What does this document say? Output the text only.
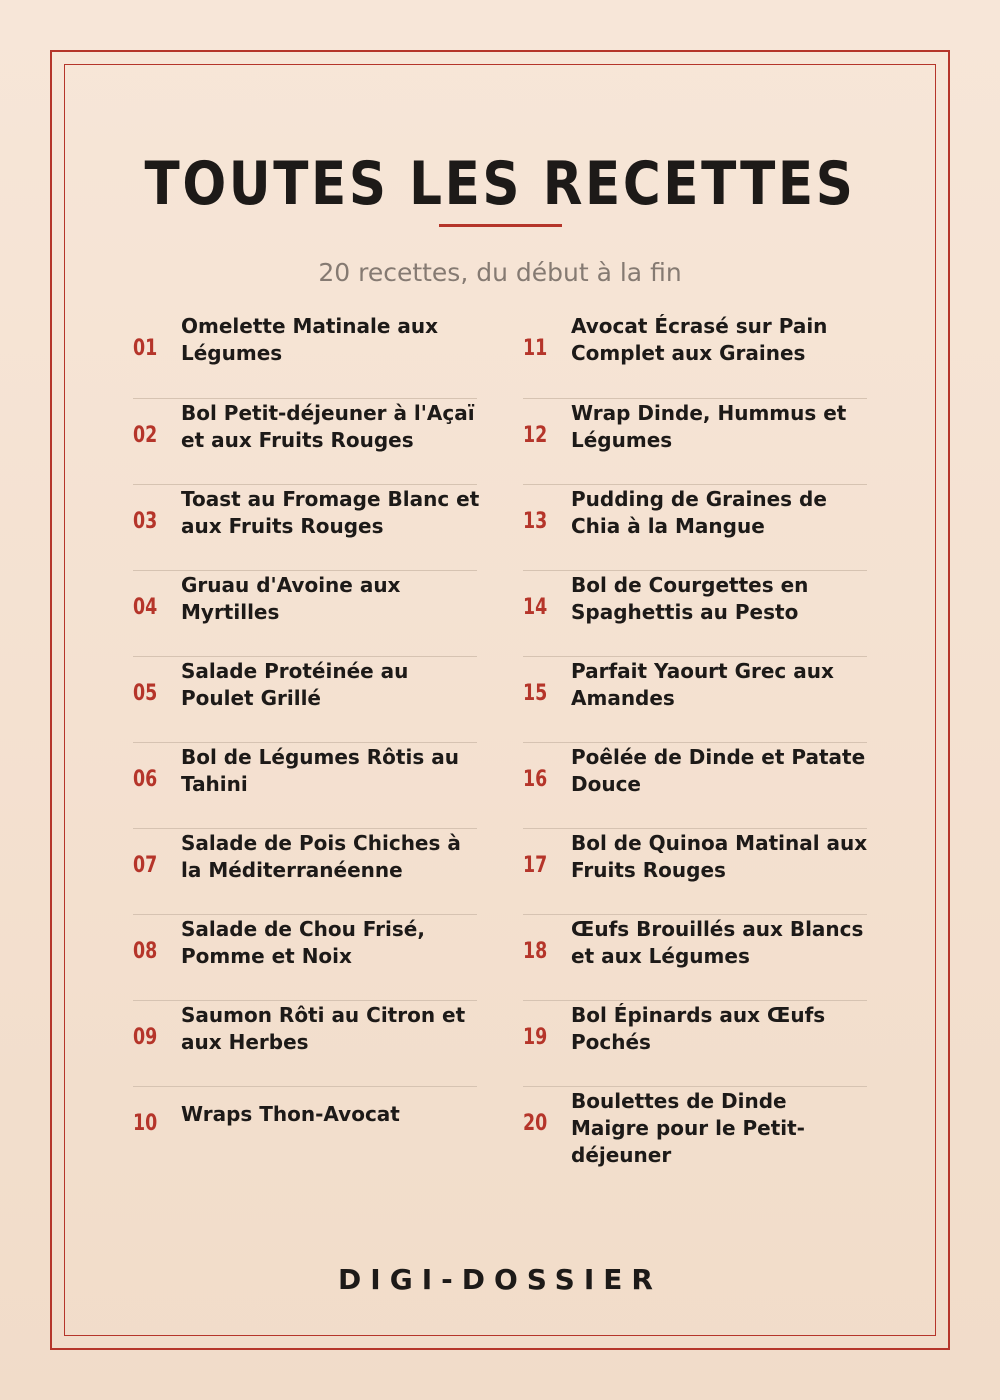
TOUTES LES RECETTES
20 recettes, du début à la fin
01
Omelette Matinale aux Légumes
02
Bol Petit-déjeuner à l'Açaï et aux Fruits Rouges
03
Toast au Fromage Blanc et aux Fruits Rouges
04
Gruau d'Avoine aux Myrtilles
05
Salade Protéinée au Poulet Grillé
06
Bol de Légumes Rôtis au Tahini
07
Salade de Pois Chiches à la Méditerranéenne
08
Salade de Chou Frisé, Pomme et Noix
09
Saumon Rôti au Citron et aux Herbes
10 Wraps Thon-Avocat
11
Avocat Écrasé sur Pain Complet aux Graines
12
Wrap Dinde, Hummus et Légumes
13
Pudding de Graines de Chia à la Mangue
14
Bol de Courgettes en Spaghettis au Pesto
15
Parfait Yaourt Grec aux Amandes
16
Poêlée de Dinde et Patate Douce
17
Bol de Quinoa Matinal aux Fruits Rouges
18
Œufs Brouillés aux Blancs et aux Légumes
19
Bol Épinards aux Œufs Pochés
20
Boulettes de Dinde Maigre pour le Petit-déjeuner
DIGI-DOSSIER
